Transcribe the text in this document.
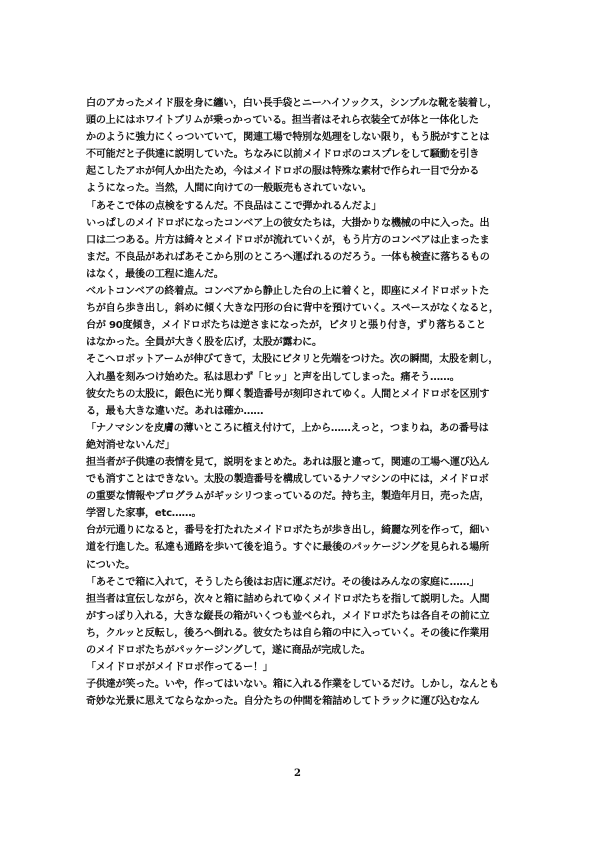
白のアカったメイド服を身に纏い，白い長手袋とニーハイソックス，シンプルな靴を装着し，
頭の上にはホワイトブリムが乗っかっている。担当者はそれら衣装全てが体と一体化した
かのように強力にくっついていて，関連工場で特別な処理をしない限り，もう脱がすことは
不可能だと子供達に説明していた。ちなみに以前メイドロボのコスプレをして騒動を引き
起こしたアホが何人か出たため，今はメイドロボの服は特殊な素材で作られ一目で分かる
ようになった。当然，人間に向けての一般販売もされていない。
「あそこで体の点検をするんだ。不良品はここで弾かれるんだよ」
いっぱしのメイドロボになったコンベア上の彼女たちは，大掛かりな機械の中に入った。出
口は二つある。片方は綺々とメイドロボが流れていくが，もう片方のコンベアは止まったま
まだ。不良品があればあそこから別のところへ運ばれるのだろう。一体も検査に落ちるもの
はなく，最後の工程に進んだ。
ベルトコンベアの終着点。コンベアから静止した台の上に着くと，即座にメイドロボットた
ちが自ら歩き出し，斜めに傾く大きな円形の台に背中を預けていく。スペースがなくなると，
台が 90度傾き，メイドロボたちは逆さまになったが，ピタリと張り付き，ずり落ちること
はなかった。全員が大きく股を広げ，太股が露わに。
そこへロボットアームが伸びてきて，太股にピタリと先端をつけた。次の瞬間，太股を刺し，
入れ墨を刻みつけ始めた。私は思わず「ヒッ」と声を出してしまった。痛そう……。
彼女たちの太股に，銀色に光り輝く製造番号が刻印されてゆく。人間とメイドロボを区別す
る，最も大きな違いだ。あれは確か……
「ナノマシンを皮膚の薄いところに植え付けて，上から……えっと，つまりね，あの番号は
絶対消せないんだ」
担当者が子供達の表情を見て，説明をまとめた。あれは服と違って，関連の工場へ運び込ん
でも消すことはできない。太股の製造番号を構成しているナノマシンの中には，メイドロボ
の重要な情報やプログラムがギッシリつまっているのだ。持ち主，製造年月日，売った店，
学習した家事，etc……。
台が元通りになると，番号を打たれたメイドロボたちが歩き出し，綺麗な列を作って，細い
道を行進した。私達も通路を歩いて後を追う。すぐに最後のパッケージングを見られる場所
についた。
「あそこで箱に入れて，そうしたら後はお店に運ぶだけ。その後はみんなの家庭に……」
担当者は宣伝しながら，次々と箱に詰められてゆくメイドロボたちを指して説明した。人間
がすっぽり入れる，大きな縦長の箱がいくつも並べられ，メイドロボたちは各自その前に立
ち，クルッと反転し，後ろへ倒れる。彼女たちは自ら箱の中に入っていく。その後に作業用
のメイドロボたちがパッケージングして，遂に商品が完成した。
「メイドロボがメイドロボ作ってるー！」
子供達が笑った。いや，作ってはいない。箱に入れる作業をしているだけ。しかし，なんとも
奇妙な光景に思えてならなかった。自分たちの仲間を箱詰めしてトラックに運び込むなん
2
